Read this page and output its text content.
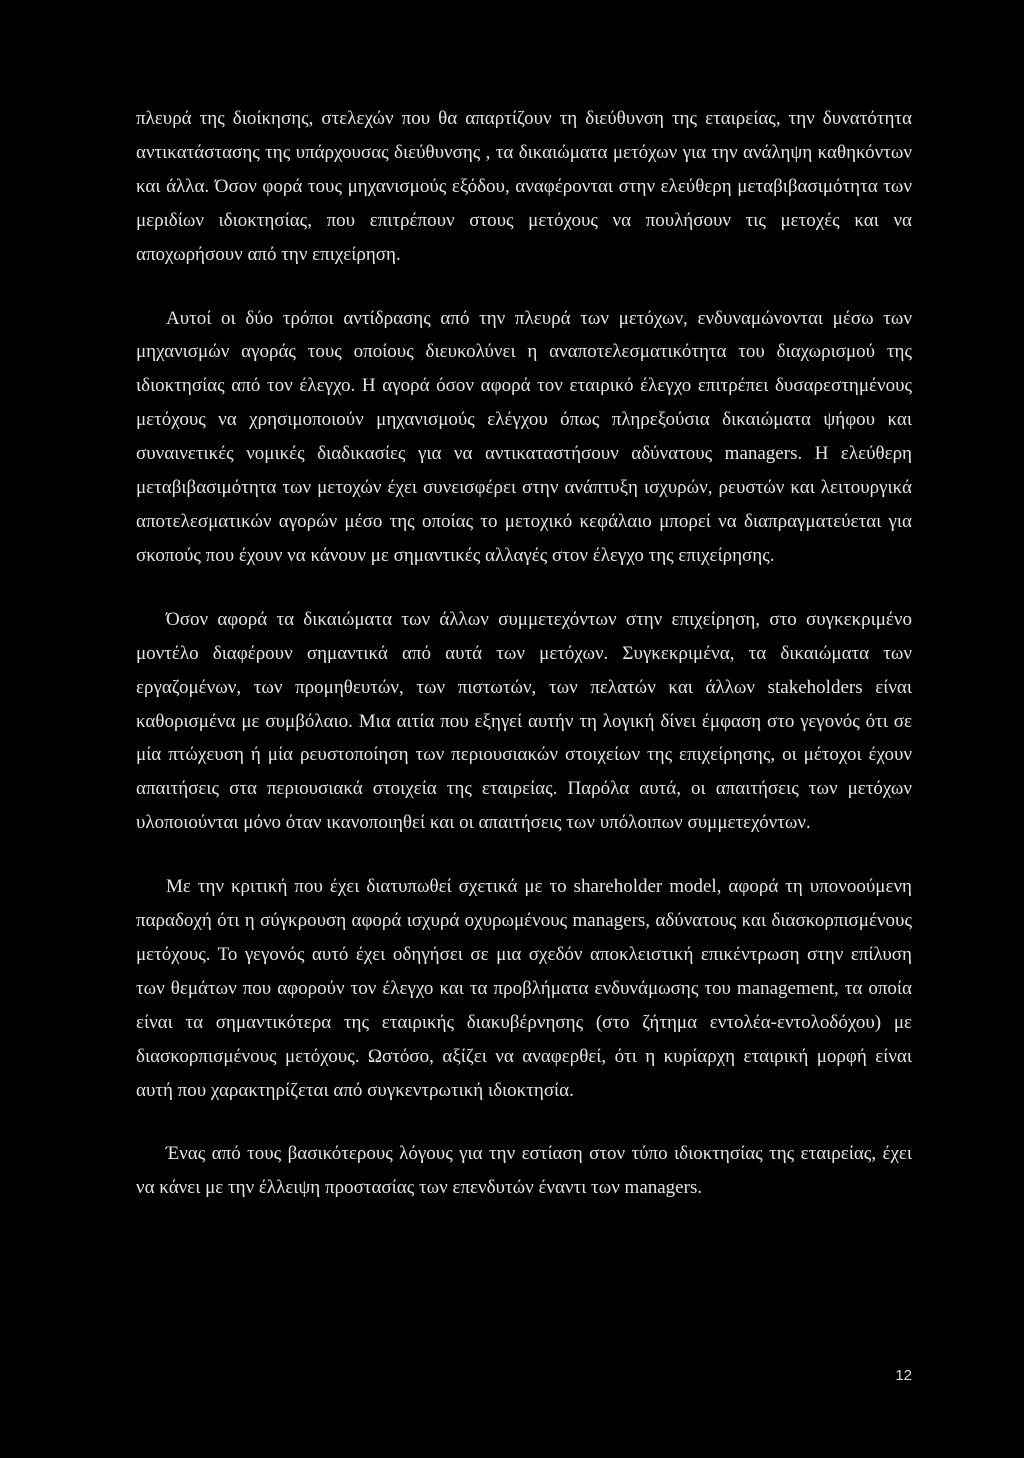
πλευρά της διοίκησης, στελεχών που θα απαρτίζουν τη διεύθυνση της εταιρείας, την δυνατότητα αντικατάστασης της υπάρχουσας διεύθυνσης , τα δικαιώματα μετόχων για την ανάληψη καθηκόντων και άλλα. Όσον φορά τους μηχανισμούς εξόδου, αναφέρονται στην ελεύθερη μεταβιβασιμότητα των μεριδίων ιδιοκτησίας, που επιτρέπουν στους μετόχους να πουλήσουν τις μετοχές και να αποχωρήσουν από την επιχείρηση.

Αυτοί οι δύο τρόποι αντίδρασης από την πλευρά των μετόχων, ενδυναμώνονται μέσω των μηχανισμών αγοράς τους οποίους διευκολύνει η αναποτελεσματικότητα του διαχωρισμού της ιδιοκτησίας από τον έλεγχο. Η αγορά όσον αφορά τον εταιρικό έλεγχο επιτρέπει δυσαρεστημένους μετόχους να χρησιμοποιούν μηχανισμούς ελέγχου όπως πληρεξούσια δικαιώματα ψήφου και συναινετικές νομικές διαδικασίες για να αντικαταστήσουν αδύνατους managers. Η ελεύθερη μεταβιβασιμότητα των μετοχών έχει συνεισφέρει στην ανάπτυξη ισχυρών, ρευστών και λειτουργικά αποτελεσματικών αγορών μέσο της οποίας το μετοχικό κεφάλαιο μπορεί να διαπραγματεύεται για σκοπούς που έχουν να κάνουν με σημαντικές αλλαγές στον έλεγχο της επιχείρησης.

Όσον αφορά τα δικαιώματα των άλλων συμμετεχόντων στην επιχείρηση, στο συγκεκριμένο μοντέλο διαφέρουν σημαντικά από αυτά των μετόχων. Συγκεκριμένα, τα δικαιώματα των εργαζομένων, των προμηθευτών, των πιστωτών, των πελατών και άλλων stakeholders είναι καθορισμένα με συμβόλαιο. Μια αιτία που εξηγεί αυτήν τη λογική δίνει έμφαση στο γεγονός ότι σε μία πτώχευση ή μία ρευστοποίηση των περιουσιακών στοιχείων της επιχείρησης, οι μέτοχοι έχουν απαιτήσεις στα περιουσιακά στοιχεία της εταιρείας. Παρόλα αυτά, οι απαιτήσεις των μετόχων υλοποιούνται μόνο όταν ικανοποιηθεί και οι απαιτήσεις των υπόλοιπων συμμετεχόντων.

Με την κριτική που έχει διατυπωθεί σχετικά με το shareholder model, αφορά τη υπονοούμενη παραδοχή ότι η σύγκρουση αφορά ισχυρά οχυρωμένους managers, αδύνατους και διασκορπισμένους μετόχους. Το γεγονός αυτό έχει οδηγήσει σε μια σχεδόν αποκλειστική επικέντρωση στην επίλυση των θεμάτων που αφορούν τον έλεγχο και τα προβλήματα ενδυνάμωσης του management, τα οποία είναι τα σημαντικότερα της εταιρικής διακυβέρνησης (στο ζήτημα εντολέα-εντολοδόχου) με διασκορπισμένους μετόχους. Ωστόσο, αξίζει να αναφερθεί, ότι η κυρίαρχη εταιρική μορφή είναι αυτή που χαρακτηρίζεται από συγκεντρωτική ιδιοκτησία.

Ένας από τους βασικότερους λόγους για την εστίαση στον τύπο ιδιοκτησίας της εταιρείας, έχει να κάνει με την έλλειψη προστασίας των επενδυτών έναντι των managers.

12
